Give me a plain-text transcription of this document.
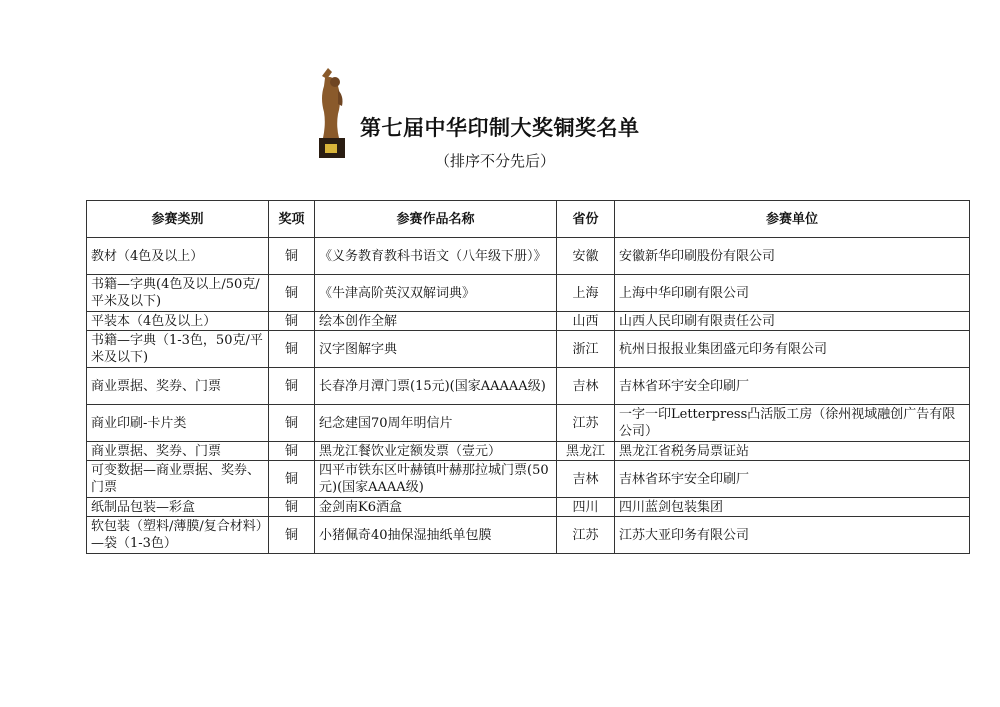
第七届中华印制大奖铜奖名单
（排序不分先后）
参赛类别	奖项	参赛作品名称	省份	参赛单位
教材（4色及以上）	铜	《义务教育教科书语文（八年级下册）》	安徽	安徽新华印刷股份有限公司
书籍—字典(4色及以上/50克/平米及以下)	铜	《牛津高阶英汉双解词典》	上海	上海中华印刷有限公司
平装本（4色及以上）	铜	绘本创作全解	山西	山西人民印刷有限责任公司
书籍—字典（1-3色，50克/平米及以下)	铜	汉字图解字典	浙江	杭州日报报业集团盛元印务有限公司
商业票据、奖券、门票	铜	长春净月潭门票(15元)(国家AAAAA级)	吉林	吉林省环宇安全印刷厂
商业印刷-卡片类	铜	纪念建国70周年明信片	江苏	一字一印Letterpress凸活版工房（徐州视域融创广告有限公司）
商业票据、奖券、门票	铜	黑龙江餐饮业定额发票（壹元）	黑龙江	黑龙江省税务局票证站
可变数据—商业票据、奖券、门票	铜	四平市铁东区叶赫镇叶赫那拉城门票(50元)(国家AAAA级)	吉林	吉林省环宇安全印刷厂
纸制品包装—彩盒	铜	金剑南K6酒盒	四川	四川蓝剑包装集团
软包装（塑料/薄膜/复合材料）—袋（1-3色）	铜	小猪佩奇40抽保湿抽纸单包膜	江苏	江苏大亚印务有限公司
